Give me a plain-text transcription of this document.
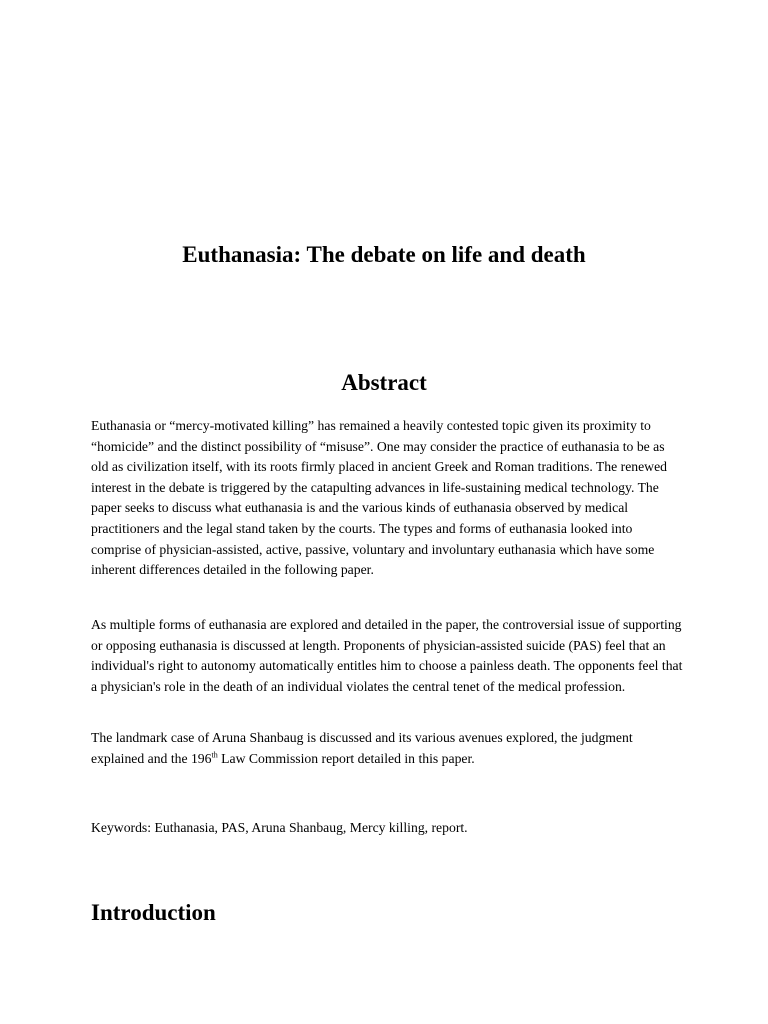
Euthanasia: The debate on life and death
Abstract

Euthanasia or “mercy-motivated killing” has remained a heavily contested topic given its proximity to “homicide” and the distinct possibility of “misuse”. One may consider the practice of euthanasia to be as old as civilization itself, with its roots firmly placed in ancient Greek and Roman traditions. The renewed interest in the debate is triggered by the catapulting advances in life-sustaining medical technology. The paper seeks to discuss what euthanasia is and the various kinds of euthanasia observed by medical practitioners and the legal stand taken by the courts. The types and forms of euthanasia looked into comprise of physician-assisted, active, passive, voluntary and involuntary euthanasia which have some inherent differences detailed in the following paper.

As multiple forms of euthanasia are explored and detailed in the paper, the controversial issue of supporting or opposing euthanasia is discussed at length. Proponents of physician-assisted suicide (PAS) feel that an individual's right to autonomy automatically entitles him to choose a painless death. The opponents feel that a physician's role in the death of an individual violates the central tenet of the medical profession.

The landmark case of Aruna Shanbaug is discussed and its various avenues explored, the judgment explained and the 196th Law Commission report detailed in this paper.

Keywords: Euthanasia, PAS, Aruna Shanbaug, Mercy killing, report.

Introduction
